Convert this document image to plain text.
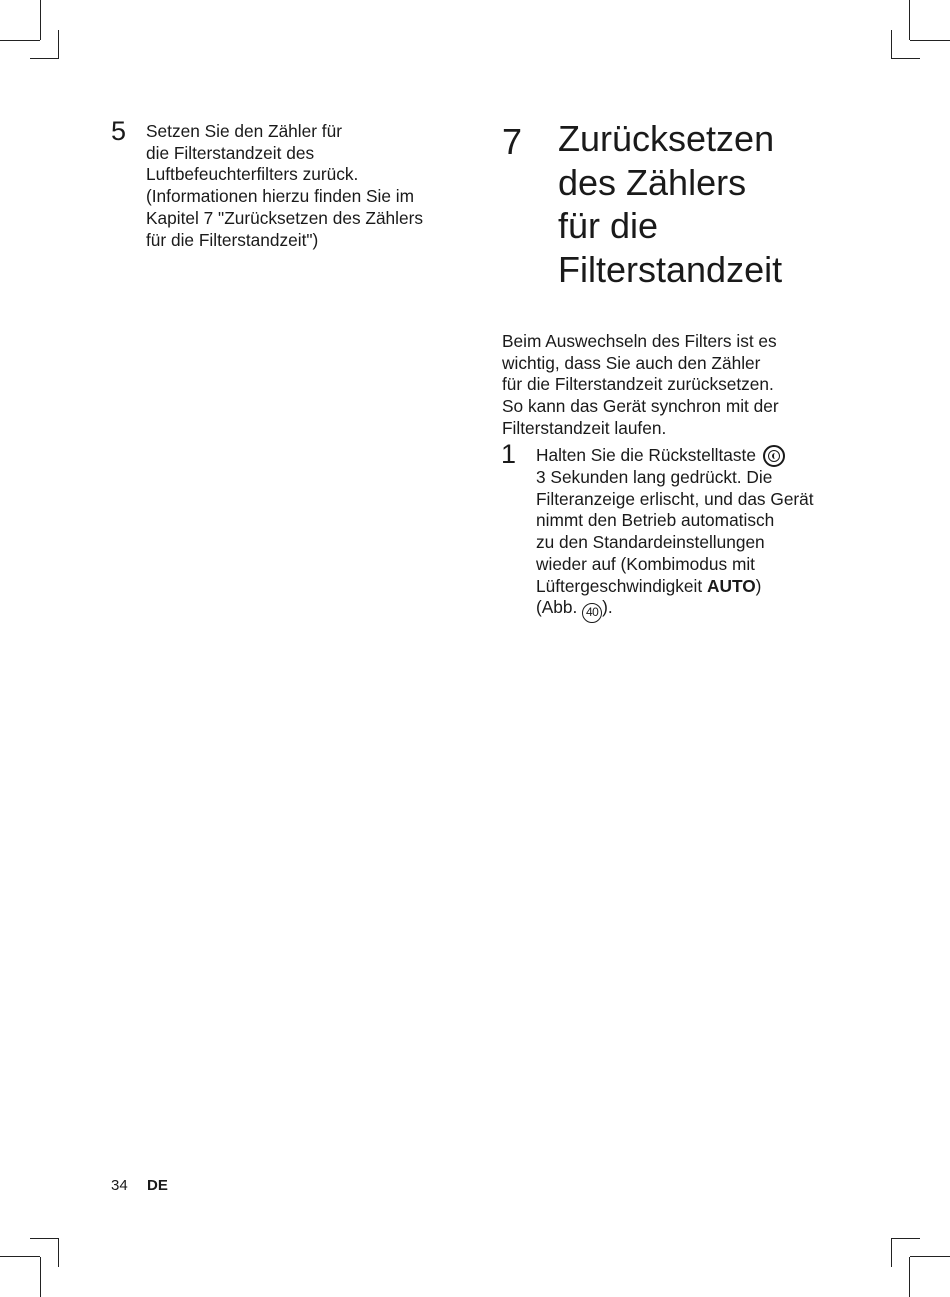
5 Setzen Sie den Zähler für
die Filterstandzeit des
Luftbefeuchterfilters zurück.
(Informationen hierzu finden Sie im
Kapitel 7 "Zurücksetzen des Zählers
für die Filterstandzeit")
7 Zurücksetzen
des Zählers
für die
Filterstandzeit
Beim Auswechseln des Filters ist es
wichtig, dass Sie auch den Zähler
für die Filterstandzeit zurücksetzen.
So kann das Gerät synchron mit der
Filterstandzeit laufen.
1 Halten Sie die Rückstelltaste
3 Sekunden lang gedrückt. Die
Filteranzeige erlischt, und das Gerät
nimmt den Betrieb automatisch
zu den Standardeinstellungen
wieder auf (Kombimodus mit
Lüftergeschwindigkeit AUTO)
(Abb. 40 ).
34 DE
